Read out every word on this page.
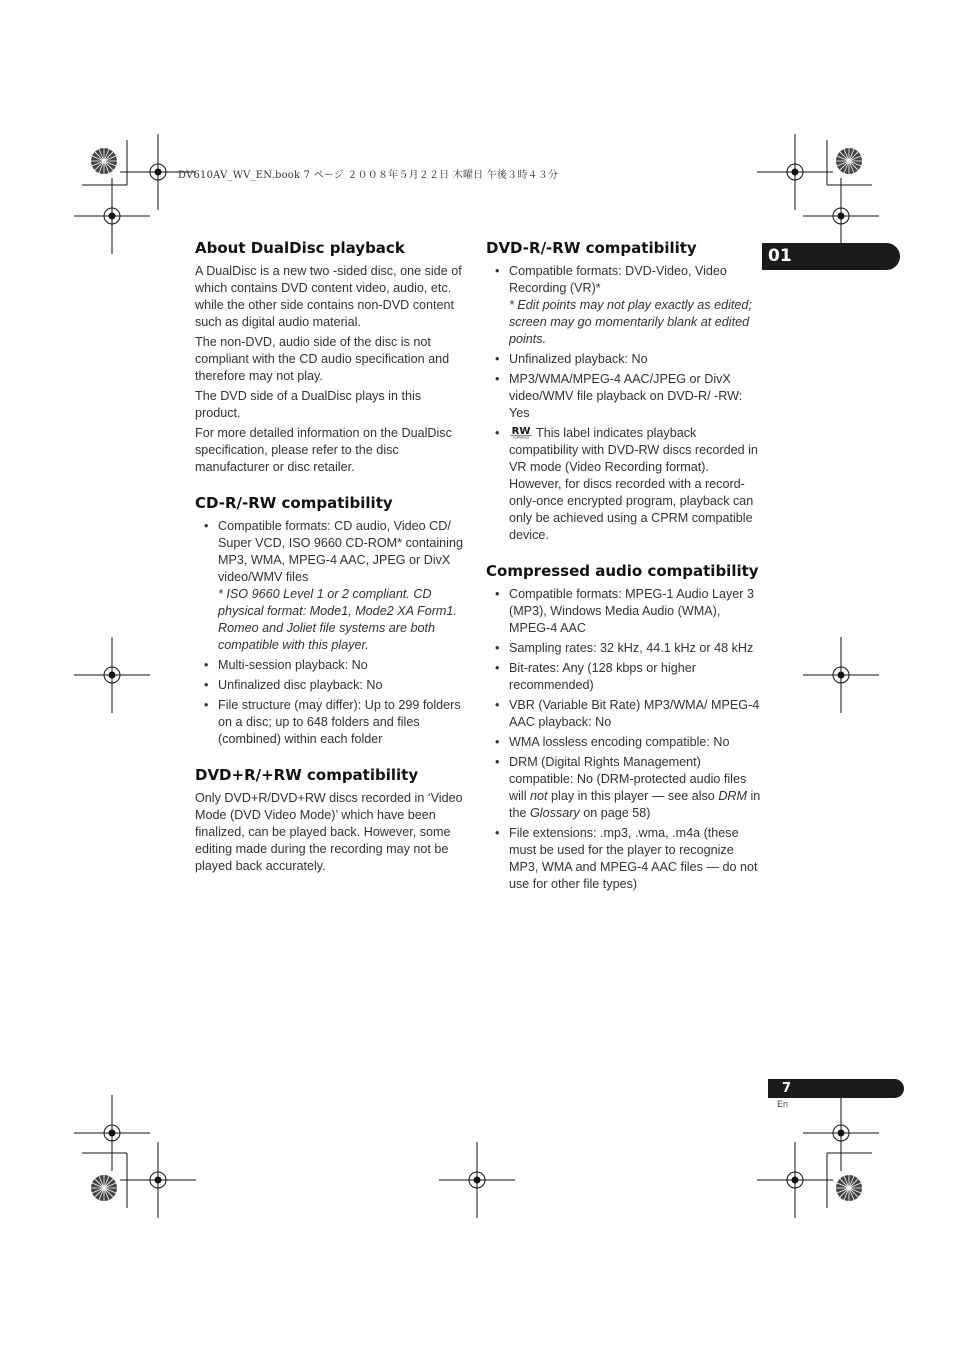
DV610AV_WV_EN.book 7 ページ ２００８年５月２２日 木曜日 午後３時４３分
01
About DualDisc playback

A DualDisc is a new two -sided disc, one side of which contains DVD content video, audio, etc. while the other side contains non-DVD content such as digital audio material.

The non-DVD, audio side of the disc is not compliant with the CD audio specification and therefore may not play.

The DVD side of a DualDisc plays in this product.

For more detailed information on the DualDisc specification, please refer to the disc manufacturer or disc retailer.

CD-R/-RW compatibility
• Compatible formats: CD audio, Video CD/ Super VCD, ISO 9660 CD-ROM* containing MP3, WMA, MPEG-4 AAC, JPEG or DivX video/WMV files
* ISO 9660 Level 1 or 2 compliant. CD physical format: Mode1, Mode2 XA Form1. Romeo and Joliet file systems are both compatible with this player.
• Multi-session playback: No
• Unfinalized disc playback: No
• File structure (may differ): Up to 299 folders on a disc; up to 648 folders and files (combined) within each folder
DVD+R/+RW compatibility

Only DVD+R/DVD+RW discs recorded in ‘Video Mode (DVD Video Mode)’ which have been finalized, can be played back. However, some editing made during the recording may not be played back accurately.

DVD-R/-RW compatibility
• Compatible formats: DVD-Video, Video Recording (VR)*
* Edit points may not play exactly as edited; screen may go momentarily blank at edited points.
• Unfinalized playback: No
• MP3/WMA/MPEG-4 AAC/JPEG or DivX video/WMV file playback on DVD-R/ -RW: Yes
• RW
COMPATIBLE This label indicates playback compatibility with DVD-RW discs recorded in VR mode (Video Recording format). However, for discs recorded with a record-only-once encrypted program, playback can only be achieved using a CPRM compatible device.
Compressed audio compatibility
• Compatible formats: MPEG-1 Audio Layer 3 (MP3), Windows Media Audio (WMA), MPEG-4 AAC
• Sampling rates: 32 kHz, 44.1 kHz or 48 kHz
• Bit-rates: Any (128 kbps or higher recommended)
• VBR (Variable Bit Rate) MP3/WMA/ MPEG-4 AAC playback: No
• WMA lossless encoding compatible: No
• DRM (Digital Rights Management) compatible: No (DRM-protected audio files will not play in this player — see also DRM in the Glossary on page 58)
• File extensions: .mp3, .wma, .m4a (these must be used for the player to recognize MP3, WMA and MPEG-4 AAC files — do not use for other file types)
7
En
